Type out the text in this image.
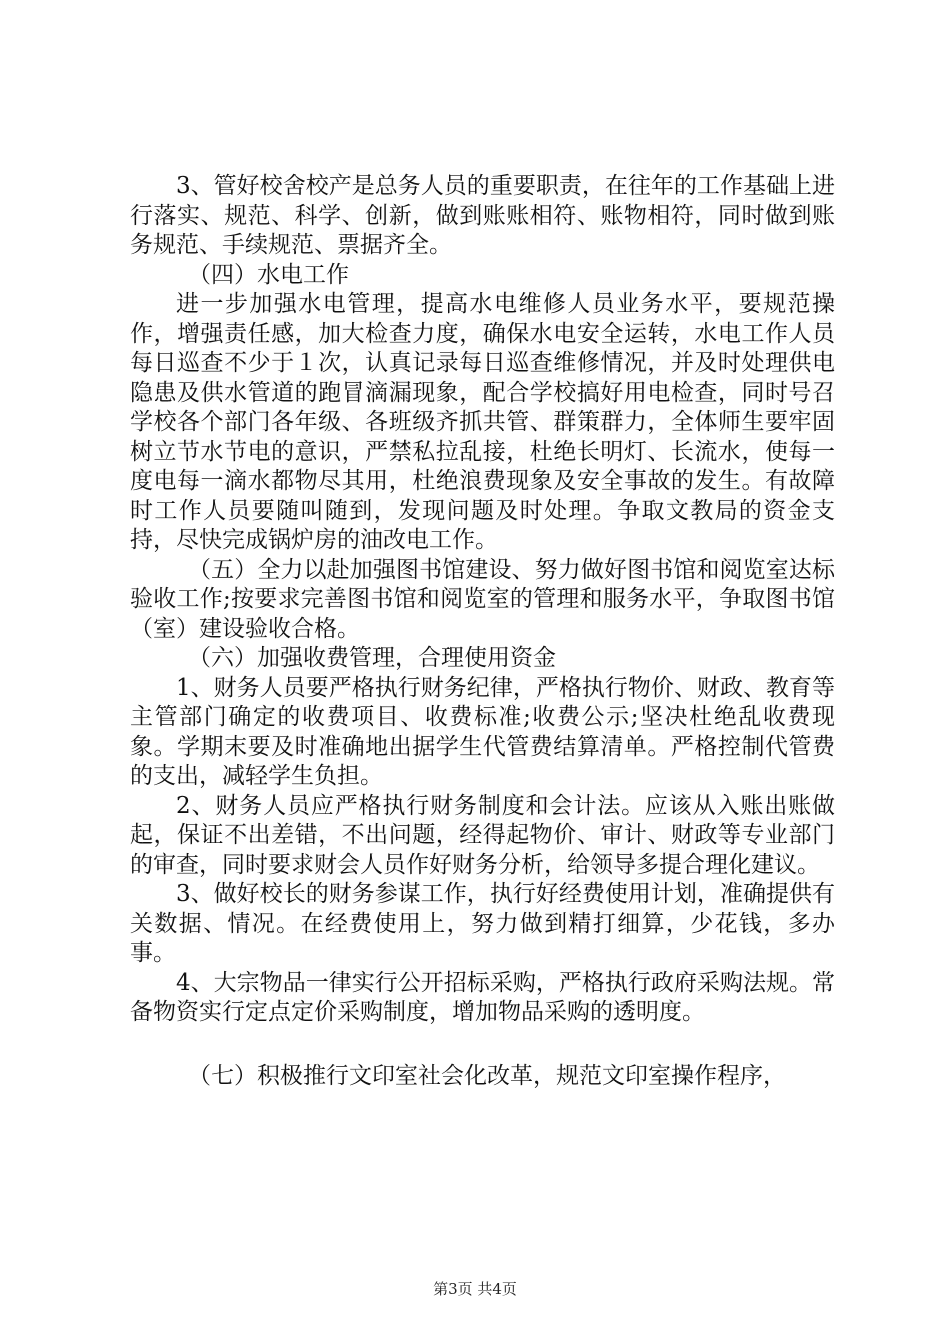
3、管好校舍校产是总务人员的重要职责，在往年的工作基础上进行落实、规范、科学、创新，做到账账相符、账物相符，同时做到账务规范、手续规范、票据齐全。

（四）水电工作

进一步加强水电管理，提高水电维修人员业务水平，要规范操作，增强责任感，加大检查力度，确保水电安全运转，水电工作人员每日巡查不少于１次，认真记录每日巡查维修情况，并及时处理供电隐患及供水管道的跑冒滴漏现象，配合学校搞好用电检查，同时号召学校各个部门各年级、各班级齐抓共管、群策群力，全体师生要牢固树立节水节电的意识，严禁私拉乱接，杜绝长明灯、长流水，使每一度电每一滴水都物尽其用，杜绝浪费现象及安全事故的发生。有故障时工作人员要随叫随到，发现问题及时处理。争取文教局的资金支持，尽快完成锅炉房的油改电工作。

（五）全力以赴加强图书馆建设、努力做好图书馆和阅览室达标验收工作;按要求完善图书馆和阅览室的管理和服务水平，争取图书馆（室）建设验收合格。

（六）加强收费管理，合理使用资金

1、财务人员要严格执行财务纪律，严格执行物价、财政、教育等主管部门确定的收费项目、收费标准;收费公示;坚决杜绝乱收费现象。学期末要及时准确地出据学生代管费结算清单。严格控制代管费的支出，减轻学生负担。

2、财务人员应严格执行财务制度和会计法。应该从入账出账做起，保证不出差错，不出问题，经得起物价、审计、财政等专业部门的审查，同时要求财会人员作好财务分析，给领导多提合理化建议。

3、做好校长的财务参谋工作，执行好经费使用计划，准确提供有关数据、情况。在经费使用上，努力做到精打细算，少花钱，多办事。

4、大宗物品一律实行公开招标采购，严格执行政府采购法规。常备物资实行定点定价采购制度，增加物品采购的透明度。

（七）积极推行文印室社会化改革，规范文印室操作程序，

第3页 共4页
